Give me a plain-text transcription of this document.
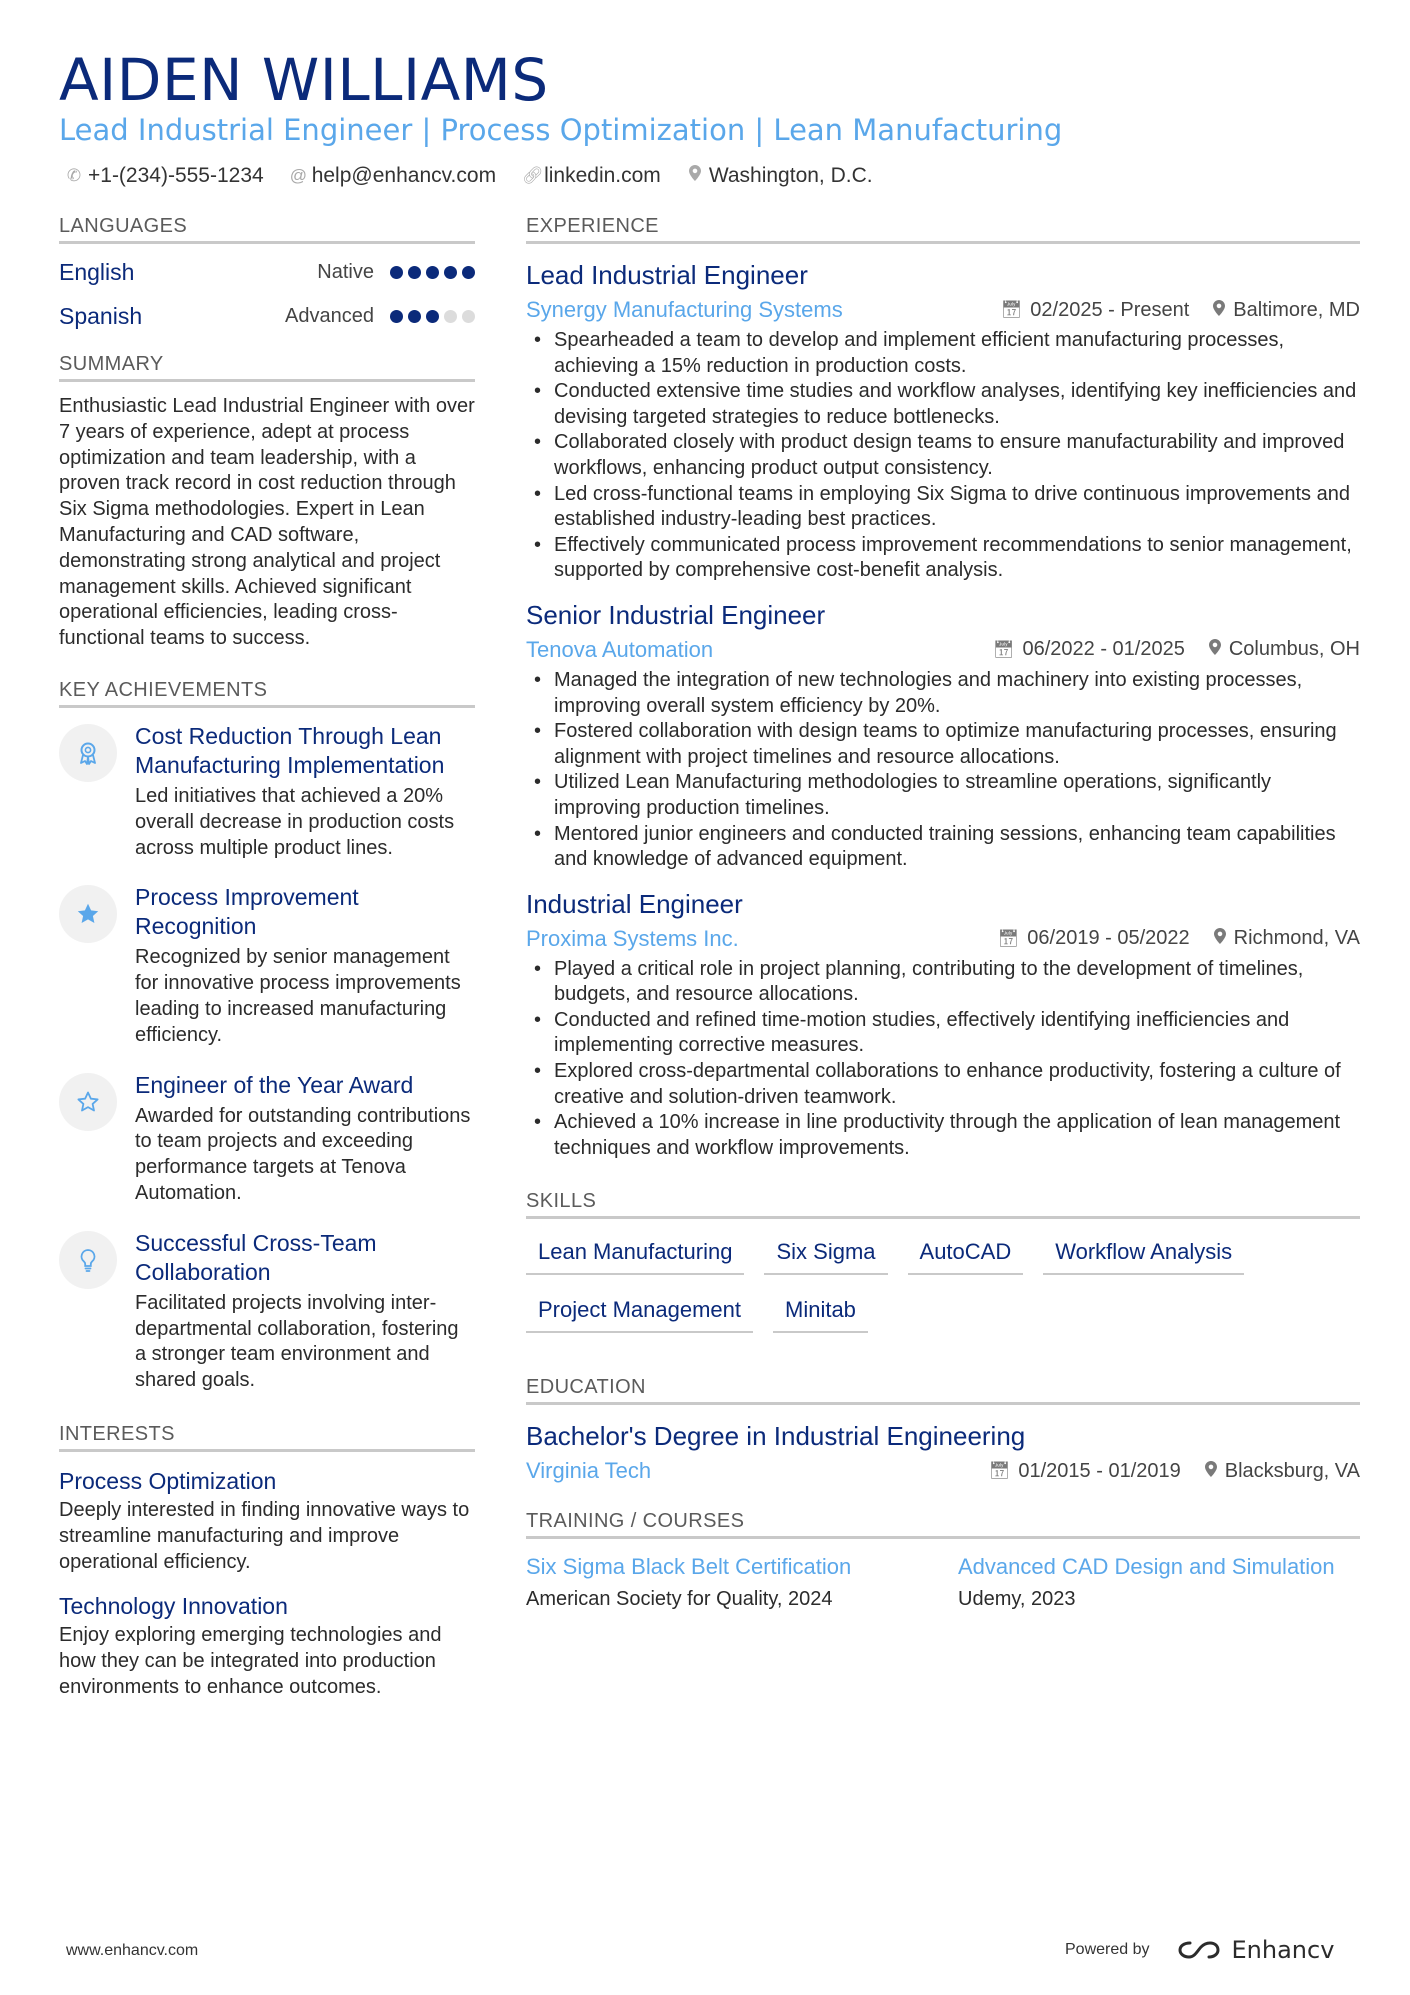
AIDEN WILLIAMS
Lead Industrial Engineer | Process Optimization | Lean Manufacturing
✆ +1-(234)-555-1234 @ help@enhancv.com 🔗︎ linkedin.com Washington, D.C.
LANGUAGES
English	Native
Spanish	Advanced
SUMMARY
Enthusiastic Lead Industrial Engineer with over 7 years of experience, adept at process optimization and team leadership, with a proven track record in cost reduction through Six Sigma methodologies. Expert in Lean Manufacturing and CAD software, demonstrating strong analytical and project management skills. Achieved significant operational efficiencies, leading cross-functional teams to success.
KEY ACHIEVEMENTS
Cost Reduction Through Lean Manufacturing Implementation
Led initiatives that achieved a 20% overall decrease in production costs across multiple product lines.
Process Improvement Recognition
Recognized by senior management for innovative process improvements leading to increased manufacturing efficiency.
Engineer of the Year Award
Awarded for outstanding contributions to team projects and exceeding performance targets at Tenova Automation.
Successful Cross-Team Collaboration
Facilitated projects involving inter-departmental collaboration, fostering a stronger team environment and shared goals.
INTERESTS
Process Optimization
Deeply interested in finding innovative ways to streamline manufacturing and improve operational efficiency.
Technology Innovation
Enjoy exploring emerging technologies and how they can be integrated into production environments to enhance outcomes.
EXPERIENCE
Lead Industrial Engineer
Synergy Manufacturing Systems	📅︎ 02/2025 - Present Baltimore, MD
• Spearheaded a team to develop and implement efficient manufacturing processes, achieving a 15% reduction in production costs.
• Conducted extensive time studies and workflow analyses, identifying key inefficiencies and devising targeted strategies to reduce bottlenecks.
• Collaborated closely with product design teams to ensure manufacturability and improved workflows, enhancing product output consistency.
• Led cross-functional teams in employing Six Sigma to drive continuous improvements and established industry-leading best practices.
• Effectively communicated process improvement recommendations to senior management, supported by comprehensive cost-benefit analysis.
Senior Industrial Engineer
Tenova Automation	📅︎ 06/2022 - 01/2025 Columbus, OH
• Managed the integration of new technologies and machinery into existing processes, improving overall system efficiency by 20%.
• Fostered collaboration with design teams to optimize manufacturing processes, ensuring alignment with project timelines and resource allocations.
• Utilized Lean Manufacturing methodologies to streamline operations, significantly improving production timelines.
• Mentored junior engineers and conducted training sessions, enhancing team capabilities and knowledge of advanced equipment.
Industrial Engineer
Proxima Systems Inc.	📅︎ 06/2019 - 05/2022 Richmond, VA
• Played a critical role in project planning, contributing to the development of timelines, budgets, and resource allocations.
• Conducted and refined time-motion studies, effectively identifying inefficiencies and implementing corrective measures.
• Explored cross-departmental collaborations to enhance productivity, fostering a culture of creative and solution-driven teamwork.
• Achieved a 10% increase in line productivity through the application of lean management techniques and workflow improvements.
SKILLS
Lean Manufacturing	Six Sigma	AutoCAD	Workflow Analysis
Project Management	Minitab
EDUCATION
Bachelor's Degree in Industrial Engineering
Virginia Tech	📅︎ 01/2015 - 01/2019 Blacksburg, VA
TRAINING / COURSES
Six Sigma Black Belt Certification
American Society for Quality, 2024
Advanced CAD Design and Simulation
Udemy, 2023
www.enhancv.com	Powered by	Enhancv
